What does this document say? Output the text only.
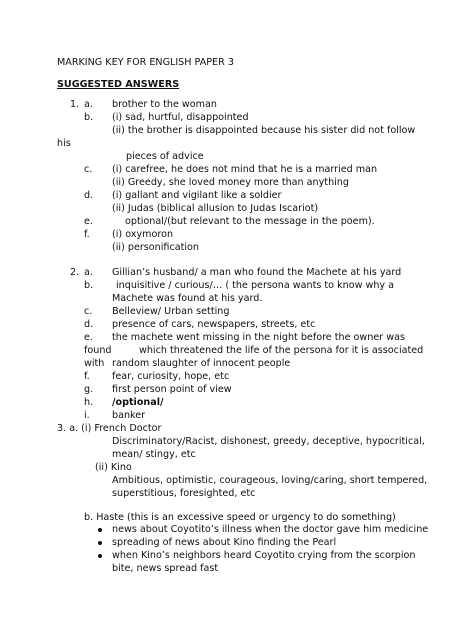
MARKING KEY FOR ENGLISH PAPER 3
SUGGESTED ANSWERS
1. a. brother to the woman
b. (i) sad, hurtful, disappointed
(ii) the brother is disappointed because his sister did not follow
his
pieces of advice
c. (i) carefree, he does not mind that he is a married man
(ii) Greedy, she loved money more than anything
d. (i) gallant and vigilant like a soldier
(ii) Judas (biblical allusion to Judas Iscariot)
e.	optional/(but relevant to the message in the poem).
f. (i) oxymoron
(ii) personification
2. a. Gillian’s husband/ a man who found the Machete at his yard
b. inquisitive / curious/… ( the persona wants to know why a
Machete was found at his yard.
c. Belleview/ Urban setting
d. presence of cars, newspapers, streets, etc
e. the machete went missing in the night before the owner was
found	which threatened the life of the persona for it is associated
with random slaughter of innocent people
f. fear, curiosity, hope, etc
g. first person point of view
h. /optional/
i. banker
3. a. (i) French Doctor
Discriminatory/Racist, dishonest, greedy, deceptive, hypocritical,
mean/ stingy, etc
(ii) Kino
Ambitious, optimistic, courageous, loving/caring, short tempered,
superstitious, foresighted, etc
b. Haste (this is an excessive speed or urgency to do something)
news about Coyotito’s illness when the doctor gave him medicine
spreading of news about Kino finding the Pearl
when Kino’s neighbors heard Coyotito crying from the scorpion
bite, news spread fast
